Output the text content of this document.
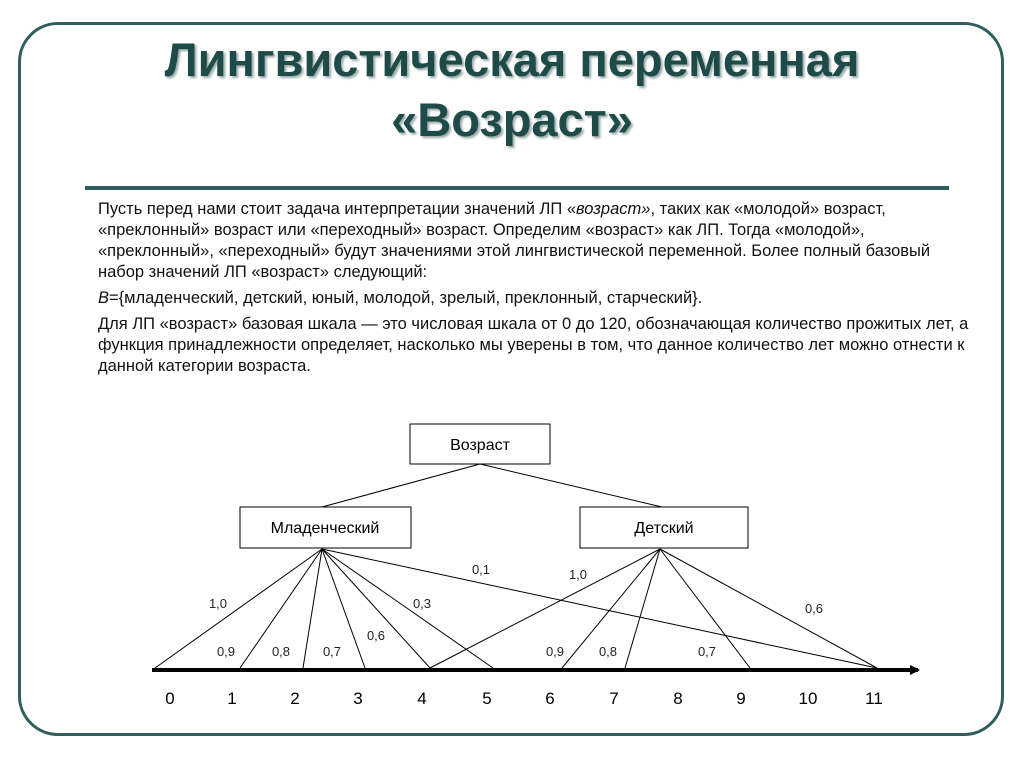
Лингвистическая переменная
«Возраст»

Пусть перед нами стоит задача интерпретации значений ЛП «возраст», таких как «молодой» возраст, «преклонный» возраст или «переходный» возраст. Определим «возраст» как ЛП. Тогда «молодой», «преклонный», «переходный» будут значениями этой лингвистической переменной. Более полный базовый набор значений ЛП «возраст» следующий:

B={младенческий, детский, юный, молодой, зрелый, преклонный, старческий}.

Для ЛП «возраст» базовая шкала — это числовая шкала от 0 до 120, обозначающая количество прожитых лет, а функция принадлежности определяет, насколько мы уверены в том, что данное количество лет можно отнести к данной категории возраста.

Возраст
Младенческий	Детский
1,0
0,9	0,8	0,7
0,6
0,3
0,1	1,0
0,9	0,8	0,7
0,6
0	1	2	3	4	5	6	7	8	9	10	11
